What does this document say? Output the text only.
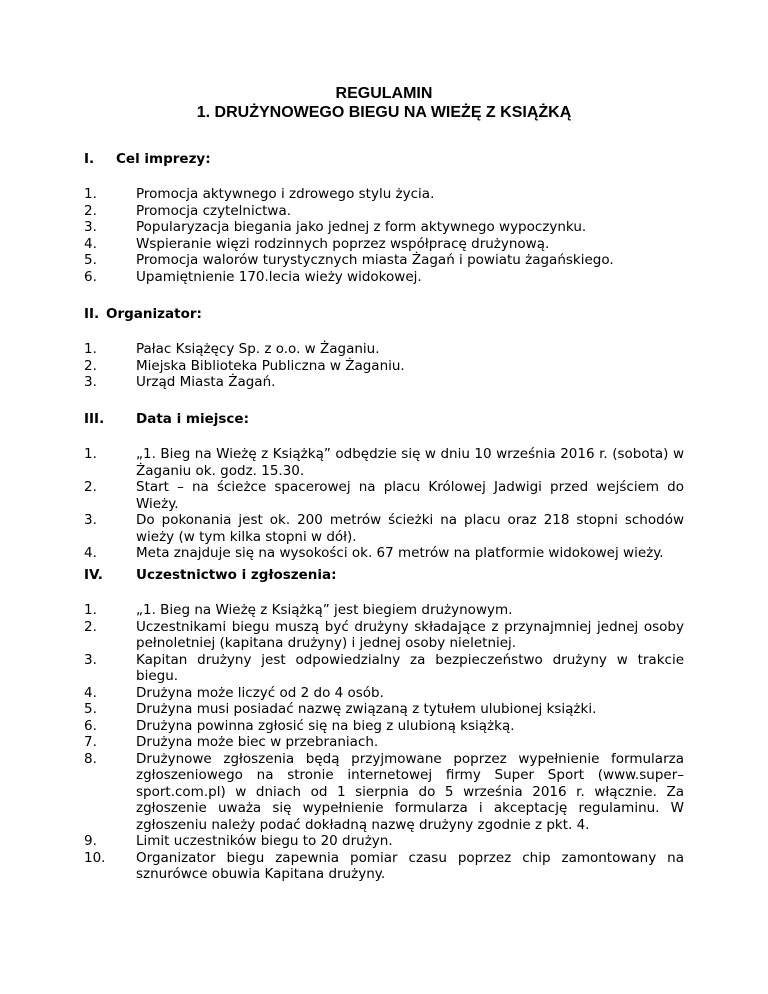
REGULAMIN
1. DRUŻYNOWEGO BIEGU NA WIEŻĘ Z KSIĄŻKĄ
I. Cel imprezy:
1.	Promocja aktywnego i zdrowego stylu życia.
2.	Promocja czytelnictwa.
3.	Popularyzacja biegania jako jednej z form aktywnego wypoczynku.
4.	Wspieranie więzi rodzinnych poprzez współpracę drużynową.
5.	Promocja walorów turystycznych miasta Żagań i powiatu żagańskiego.
6.	Upamiętnienie 170.lecia wieży widokowej.
II. Organizator:
1.	Pałac Książęcy Sp. z o.o. w Żaganiu.
2.	Miejska Biblioteka Publiczna w Żaganiu.
3.	Urząd Miasta Żagań.
III. Data i miejsce:
1.	„1. Bieg na Wieżę z Książką” odbędzie się w dniu 10 września 2016 r. (sobota) w Żaganiu ok. godz. 15.30.
2.	Start – na ścieżce spacerowej na placu Królowej Jadwigi przed wejściem do Wieży.
3.	Do pokonania jest ok. 200 metrów ścieżki na placu oraz 218 stopni schodów wieży (w tym kilka stopni w dół).
4.	Meta znajduje się na wysokości ok. 67 metrów na platformie widokowej wieży.
IV. Uczestnictwo i zgłoszenia:
1.	„1. Bieg na Wieżę z Książką” jest biegiem drużynowym.
2.	Uczestnikami biegu muszą być drużyny składające z przynajmniej jednej osoby pełnoletniej (kapitana drużyny) i jednej osoby nieletniej.
3.	Kapitan drużyny jest odpowiedzialny za bezpieczeństwo drużyny w trakcie biegu.
4.	Drużyna może liczyć od 2 do 4 osób.
5.	Drużyna musi posiadać nazwę związaną z tytułem ulubionej książki.
6.	Drużyna powinna zgłosić się na bieg z ulubioną książką.
7.	Drużyna może biec w przebraniach.
8.	Drużynowe zgłoszenia będą przyjmowane poprzez wypełnienie formularza zgłoszeniowego na stronie internetowej firmy Super Sport (www.super–sport.com.pl) w dniach od 1 sierpnia do 5 września 2016 r. włącznie. Za zgłoszenie uważa się wypełnienie formularza i akceptację regulaminu. W zgłoszeniu należy podać dokładną nazwę drużyny zgodnie z pkt. 4.
9.	Limit uczestników biegu to 20 drużyn.
10.	Organizator biegu zapewnia pomiar czasu poprzez chip zamontowany na sznurówce obuwia Kapitana drużyny.
